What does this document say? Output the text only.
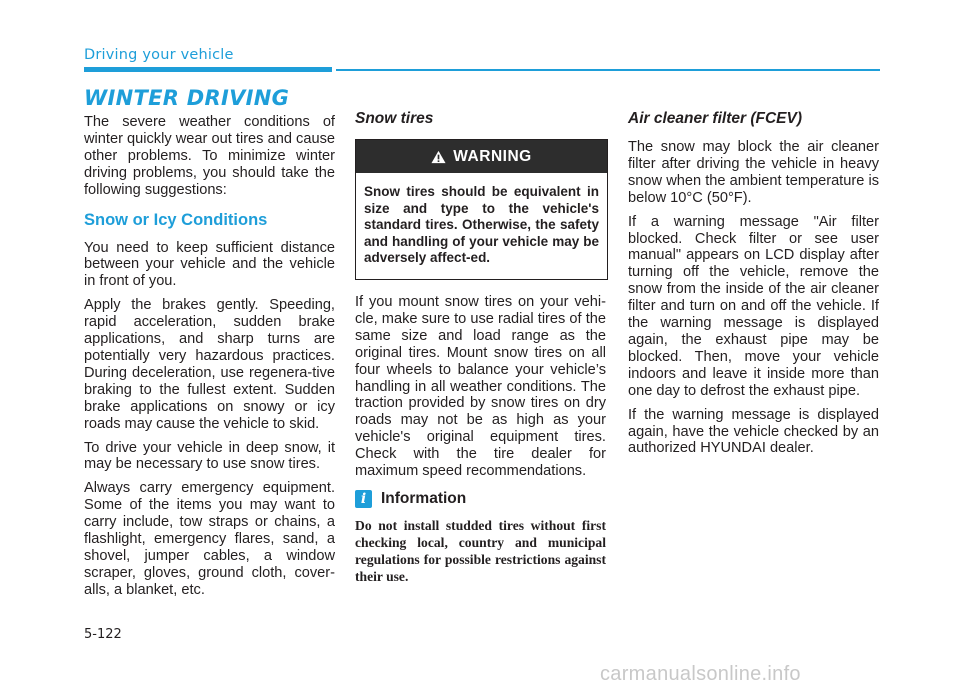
Driving your vehicle
WINTER DRIVING

The severe weather conditions of winter quickly wear out tires and cause other problems. To minimize winter driving problems, you should take the following suggestions:

Snow or Icy Conditions

You need to keep sufficient distance between your vehicle and the vehicle in front of you.

Apply the brakes gently. Speeding, rapid acceleration, sudden brake applications, and sharp turns are potentially very hazardous practices. During deceleration, use regenera-tive braking to the fullest extent. Sudden brake applications on snowy or icy roads may cause the vehicle to skid.

To drive your vehicle in deep snow, it may be necessary to use snow tires.

Always carry emergency equipment. Some of the items you may want to carry include, tow straps or chains, a flashlight, emergency flares, sand, a shovel, jumper cables, a window scraper, gloves, ground cloth, cover-alls, a blanket, etc.

Snow tires
WARNING
Snow tires should be equivalent in size and type to the vehicle's standard tires. Otherwise, the safety and handling of your vehicle may be adversely affect-ed.

If you mount snow tires on your vehi-cle, make sure to use radial tires of the same size and load range as the original tires. Mount snow tires on all four wheels to balance your vehicle’s handling in all weather conditions. The traction provided by snow tires on dry roads may not be as high as your vehicle's original equipment tires. Check with the tire dealer for maximum speed recommendations.

i Information

Do not install studded tires without first checking local, country and municipal regulations for possible restrictions against their use.

Air cleaner filter (FCEV)

The snow may block the air cleaner filter after driving the vehicle in heavy snow when the ambient temperature is below 10°C (50°F).

If a warning message "Air filter blocked. Check filter or see user manual" appears on LCD display after turning off the vehicle, remove the snow from the inside of the air cleaner filter and turn on and off the vehicle. If the warning message is displayed again, the exhaust pipe may be blocked. Then, move your vehicle indoors and leave it inside more than one day to defrost the exhaust pipe.

If the warning message is displayed again, have the vehicle checked by an authorized HYUNDAI dealer.

5-122
carmanualsonline.info
